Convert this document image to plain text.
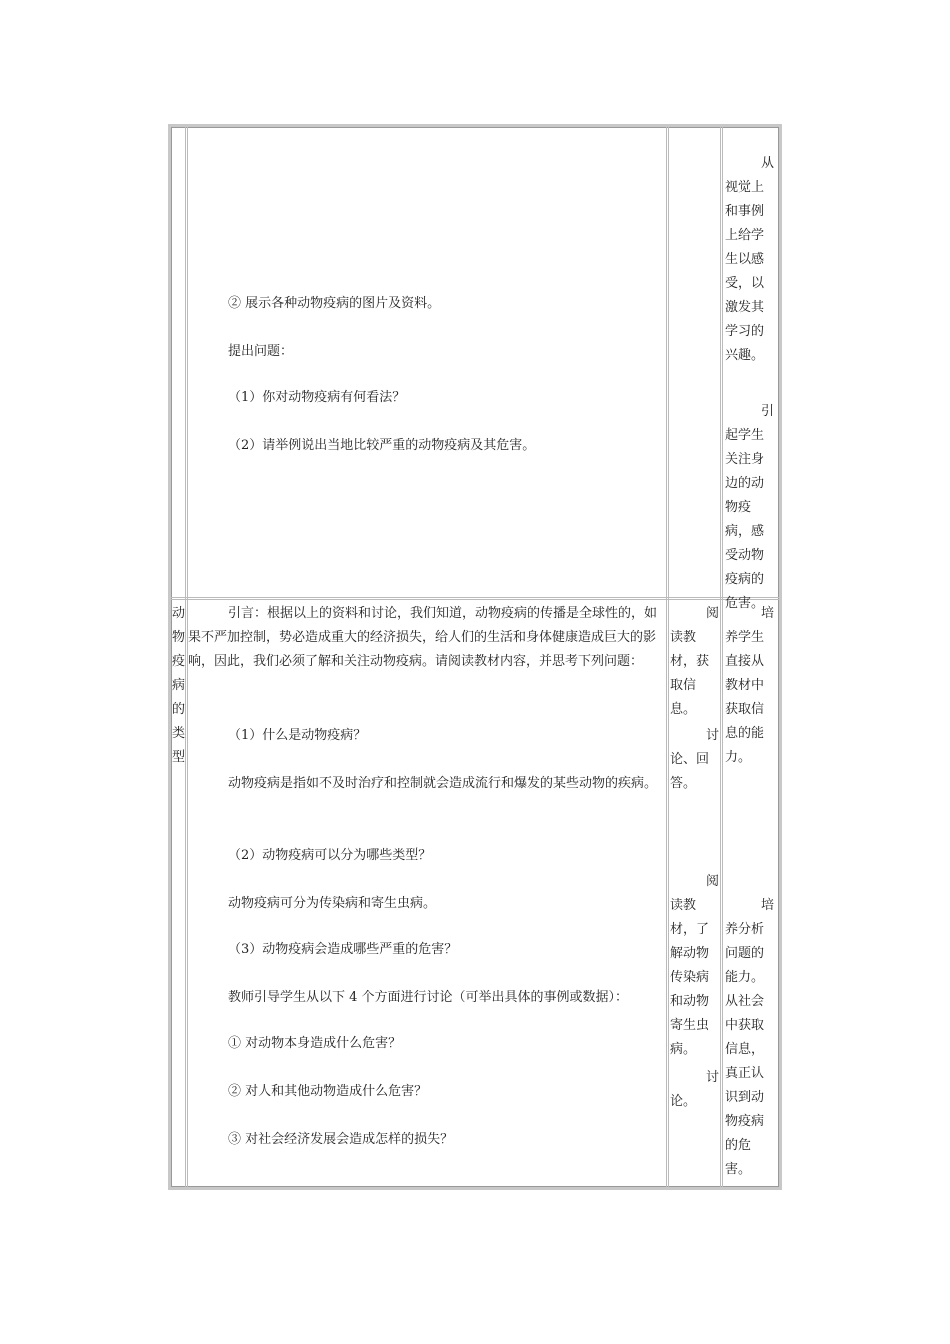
② 展示各种动物疫病的图片及资料。
提出问题：
（1）你对动物疫病有何看法？
（2）请举例说出当地比较严重的动物疫病及其危害。
从视觉上和事例上给学生以感受，以激发其学习的兴趣。
引起学生关注身边的动物疫病，感受动物疫病的危害。
动物疫病的类型
引言：根据以上的资料和讨论，我们知道，动物疫病的传播是全球性的，如果不严加控制，势必造成重大的经济损失，给人们的生活和身体健康造成巨大的影响，因此，我们必须了解和关注动物疫病。请阅读教材内容，并思考下列问题：
（1）什么是动物疫病？
动物疫病是指如不及时治疗和控制就会造成流行和爆发的某些动物的疾病。
（2）动物疫病可以分为哪些类型？
动物疫病可分为传染病和寄生虫病。
（3）动物疫病会造成哪些严重的危害？
教师引导学生从以下 4 个方面进行讨论（可举出具体的事例或数据）：
① 对动物本身造成什么危害？
② 对人和其他动物造成什么危害？
③ 对社会经济发展会造成怎样的损失？
阅读教材，获取信息。
讨论、回答。
阅读教材，了解动物传染病和动物寄生虫病。
讨论。
培养学生直接从教材中获取信息的能力。
培养分析问题的能力。从社会中获取信息，真正认识到动物疫病的危害。
